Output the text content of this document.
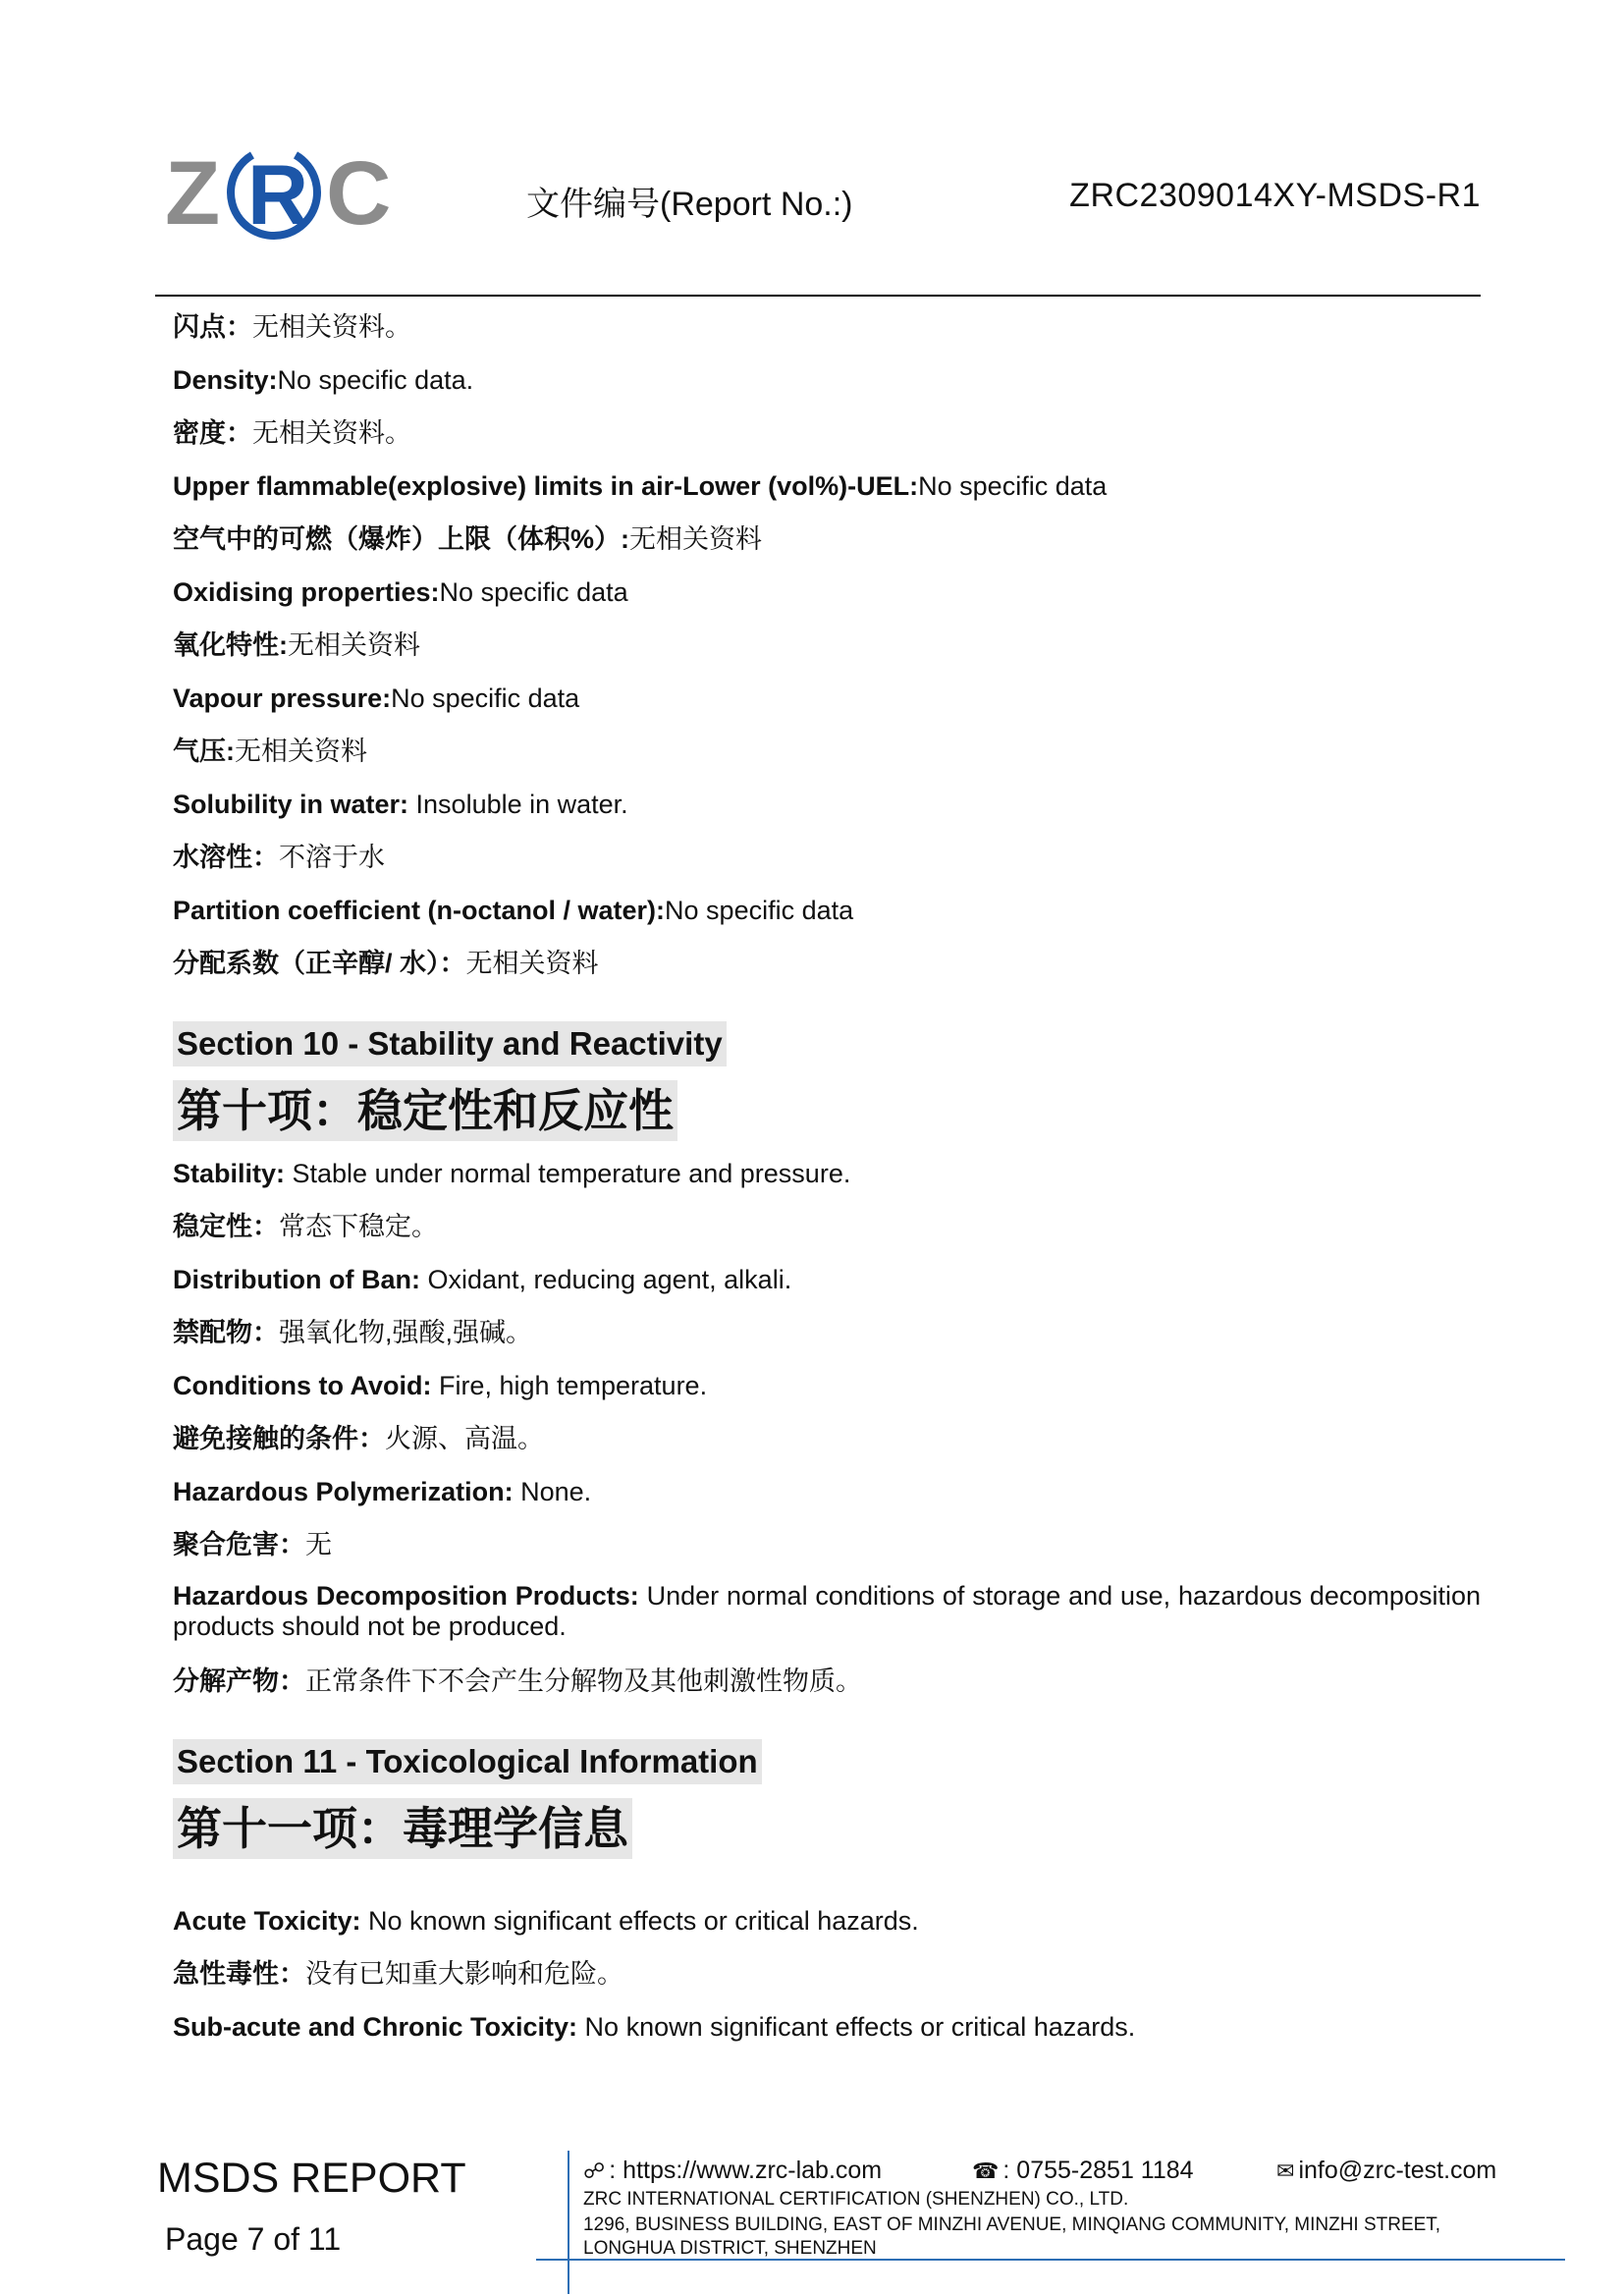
Z R C	文件编号(Report No.:)	ZRC2309014XY-MSDS-R1
闪点：无相关资料。
Density:No specific data.
密度：无相关资料。
Upper flammable(explosive) limits in air-Lower (vol%)-UEL:No specific data
空气中的可燃（爆炸）上限（体积%）:无相关资料
Oxidising properties:No specific data
氧化特性:无相关资料
Vapour pressure:No specific data
气压:无相关资料
Solubility in water: Insoluble in water.
水溶性：不溶于水
Partition coefficient (n-octanol / water):No specific data
分配系数（正辛醇/ 水）：无相关资料
Section 10 - Stability and Reactivity
第十项：稳定性和反应性
Stability: Stable under normal temperature and pressure.
稳定性：常态下稳定。
Distribution of Ban: Oxidant, reducing agent, alkali.
禁配物：强氧化物,强酸,强碱。
Conditions to Avoid: Fire, high temperature.
避免接触的条件：火源、高温。
Hazardous Polymerization: None.
聚合危害：无
Hazardous Decomposition Products: Under normal conditions of storage and use, hazardous decomposition products should not be produced.
分解产物：正常条件下不会产生分解物及其他刺激性物质。
Section 11 - Toxicological Information
第十一项：毒理学信息
Acute Toxicity: No known significant effects or critical hazards.
急性毒性：没有已知重大影响和危险。
Sub-acute and Chronic Toxicity: No known significant effects or critical hazards.
MSDS REPORT
Page 7 of 11
☍ : https://www.zrc-lab.com	☎ : 0755-2851 1184	✉ info@zrc-test.com
ZRC INTERNATIONAL CERTIFICATION (SHENZHEN) CO., LTD.
1296, BUSINESS BUILDING, EAST OF MINZHI AVENUE, MINQIANG COMMUNITY, MINZHI STREET,
LONGHUA DISTRICT, SHENZHEN
